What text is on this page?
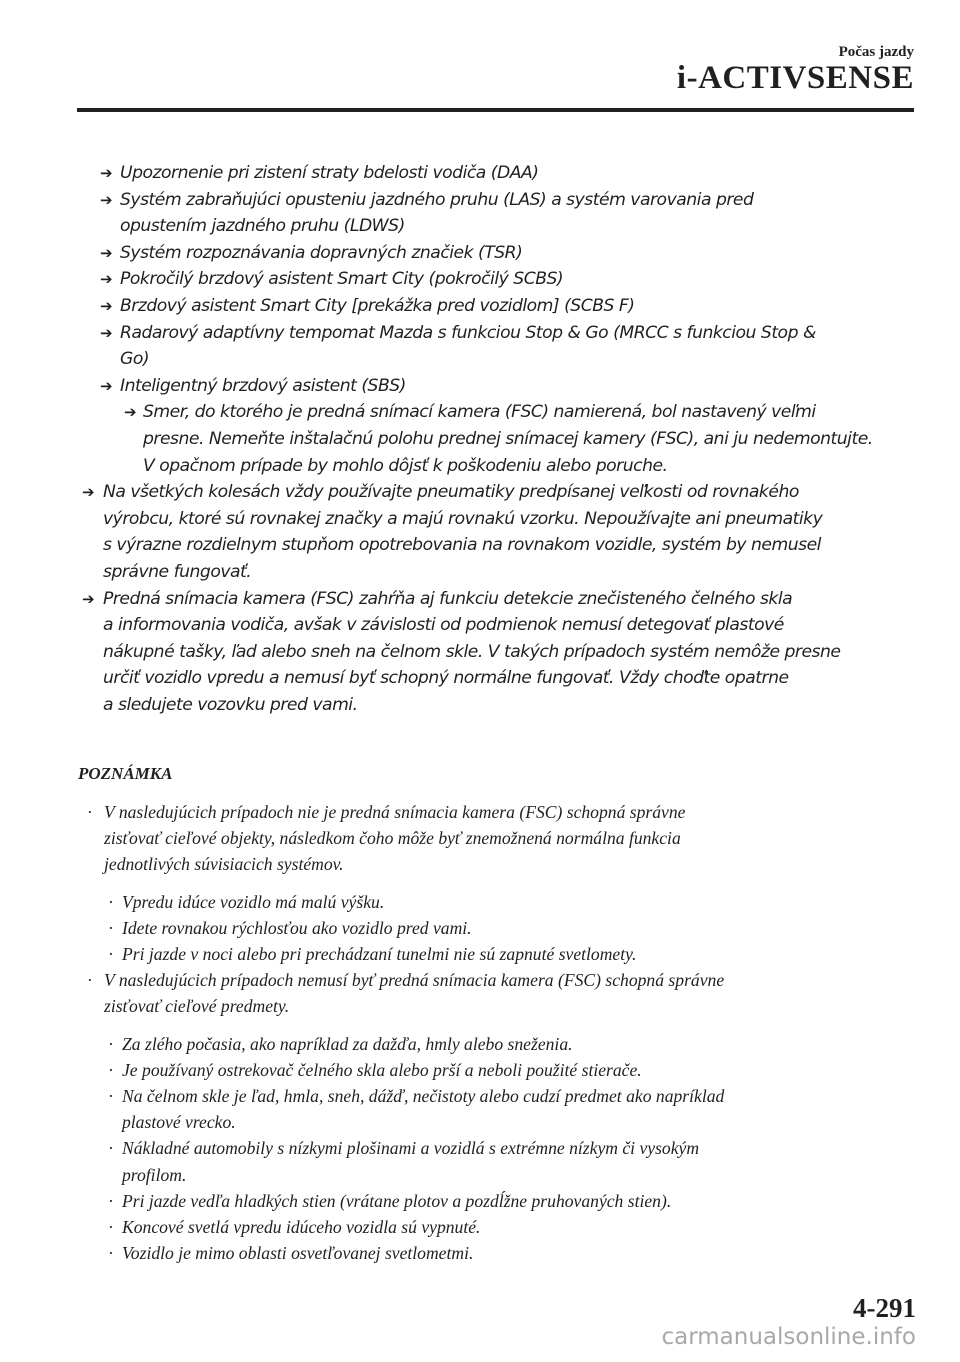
Počas jazdy
i-ACTIVSENSE
➔ Upozornenie pri zistení straty bdelosti vodiča (DAA)
➔ Systém zabraňujúci opusteniu jazdného pruhu (LAS) a systém varovania pred
opustením jazdného pruhu (LDWS)
➔ Systém rozpoznávania dopravných značiek (TSR)
➔ Pokročilý brzdový asistent Smart City (pokročilý SCBS)
➔ Brzdový asistent Smart City [prekážka pred vozidlom] (SCBS F)
➔ Radarový adaptívny tempomat Mazda s funkciou Stop & Go (MRCC s funkciou Stop &
Go)
➔ Inteligentný brzdový asistent (SBS)
➔ Smer, do ktorého je predná snímací kamera (FSC) namierená, bol nastavený veľmi
presne. Nemeňte inštalačnú polohu prednej snímacej kamery (FSC), ani ju nedemontujte.
V opačnom prípade by mohlo dôjsť k poškodeniu alebo poruche.
➔ Na všetkých kolesách vždy používajte pneumatiky predpísanej veľkosti od rovnakého
výrobcu, ktoré sú rovnakej značky a majú rovnakú vzorku. Nepoužívajte ani pneumatiky
s výrazne rozdielnym stupňom opotrebovania na rovnakom vozidle, systém by nemusel
správne fungovať.
➔ Predná snímacia kamera (FSC) zahŕňa aj funkciu detekcie znečisteného čelného skla
a informovania vodiča, avšak v závislosti od podmienok nemusí detegovať plastové
nákupné tašky, ľad alebo sneh na čelnom skle. V takých prípadoch systém nemôže presne
určiť vozidlo vpredu a nemusí byť schopný normálne fungovať. Vždy choďte opatrne
a sledujete vozovku pred vami.
POZNÁMKA
· V nasledujúcich prípadoch nie je predná snímacia kamera (FSC) schopná správne
zisťovať cieľové objekty, následkom čoho môže byť znemožnená normálna funkcia
jednotlivých súvisiacich systémov.
· Vpredu idúce vozidlo má malú výšku.
· Idete rovnakou rýchlosťou ako vozidlo pred vami.
· Pri jazde v noci alebo pri prechádzaní tunelmi nie sú zapnuté svetlomety.
· V nasledujúcich prípadoch nemusí byť predná snímacia kamera (FSC) schopná správne
zisťovať cieľové predmety.
· Za zlého počasia, ako napríklad za dažďa, hmly alebo sneženia.
· Je používaný ostrekovač čelného skla alebo prší a neboli použité stierače.
· Na čelnom skle je ľad, hmla, sneh, dážď, nečistoty alebo cudzí predmet ako napríklad
plastové vrecko.
· Nákladné automobily s nízkymi plošinami a vozidlá s extrémne nízkym či vysokým
profilom.
· Pri jazde vedľa hladkých stien (vrátane plotov a pozdĺžne pruhovaných stien).
· Koncové svetlá vpredu idúceho vozidla sú vypnuté.
· Vozidlo je mimo oblasti osvetľovanej svetlometmi.
4-291
carmanualsonline.info
